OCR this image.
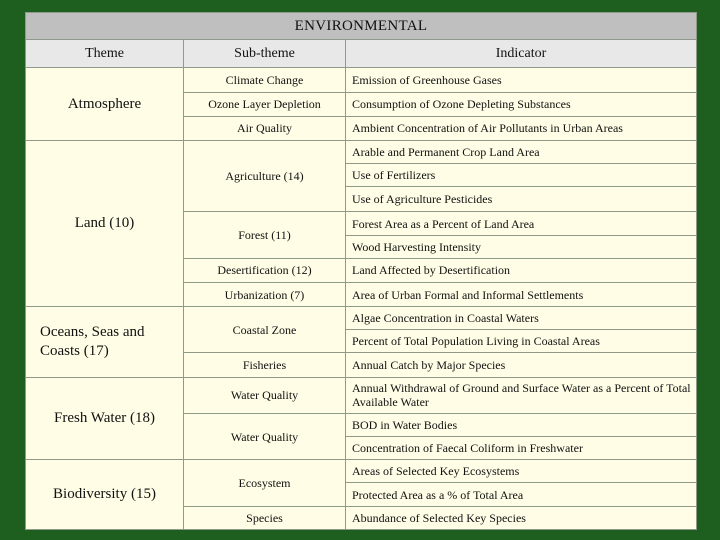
ENVIRONMENTAL		
Theme	Sub-theme	Indicator
Atmosphere	Climate Change	Emission of Greenhouse Gases
	Ozone Layer Depletion	Consumption of Ozone Depleting Substances
	Air Quality	Ambient Concentration of Air Pollutants in Urban Areas
Land (10)	Agriculture (14)	Arable and Permanent Crop Land Area
		Use of Fertilizers
		Use of Agriculture Pesticides
	Forest (11)	Forest Area as a Percent of Land Area
		Wood Harvesting Intensity
	Desertification (12)	Land Affected by Desertification
	Urbanization (7)	Area of Urban Formal and Informal Settlements
Oceans, Seas and Coasts (17)	Coastal Zone	Algae Concentration in Coastal Waters
		Percent of Total Population Living in Coastal Areas
	Fisheries	Annual Catch by Major Species
Fresh Water (18)	Water Quality	Annual Withdrawal of Ground and Surface Water as a Percent of Total Available Water
	Water Quality	BOD in Water Bodies
		Concentration of Faecal Coliform in Freshwater
Biodiversity (15)	Ecosystem	Areas of Selected Key Ecosystems
		Protected Area as a % of Total Area
	Species	Abundance of Selected Key Species
